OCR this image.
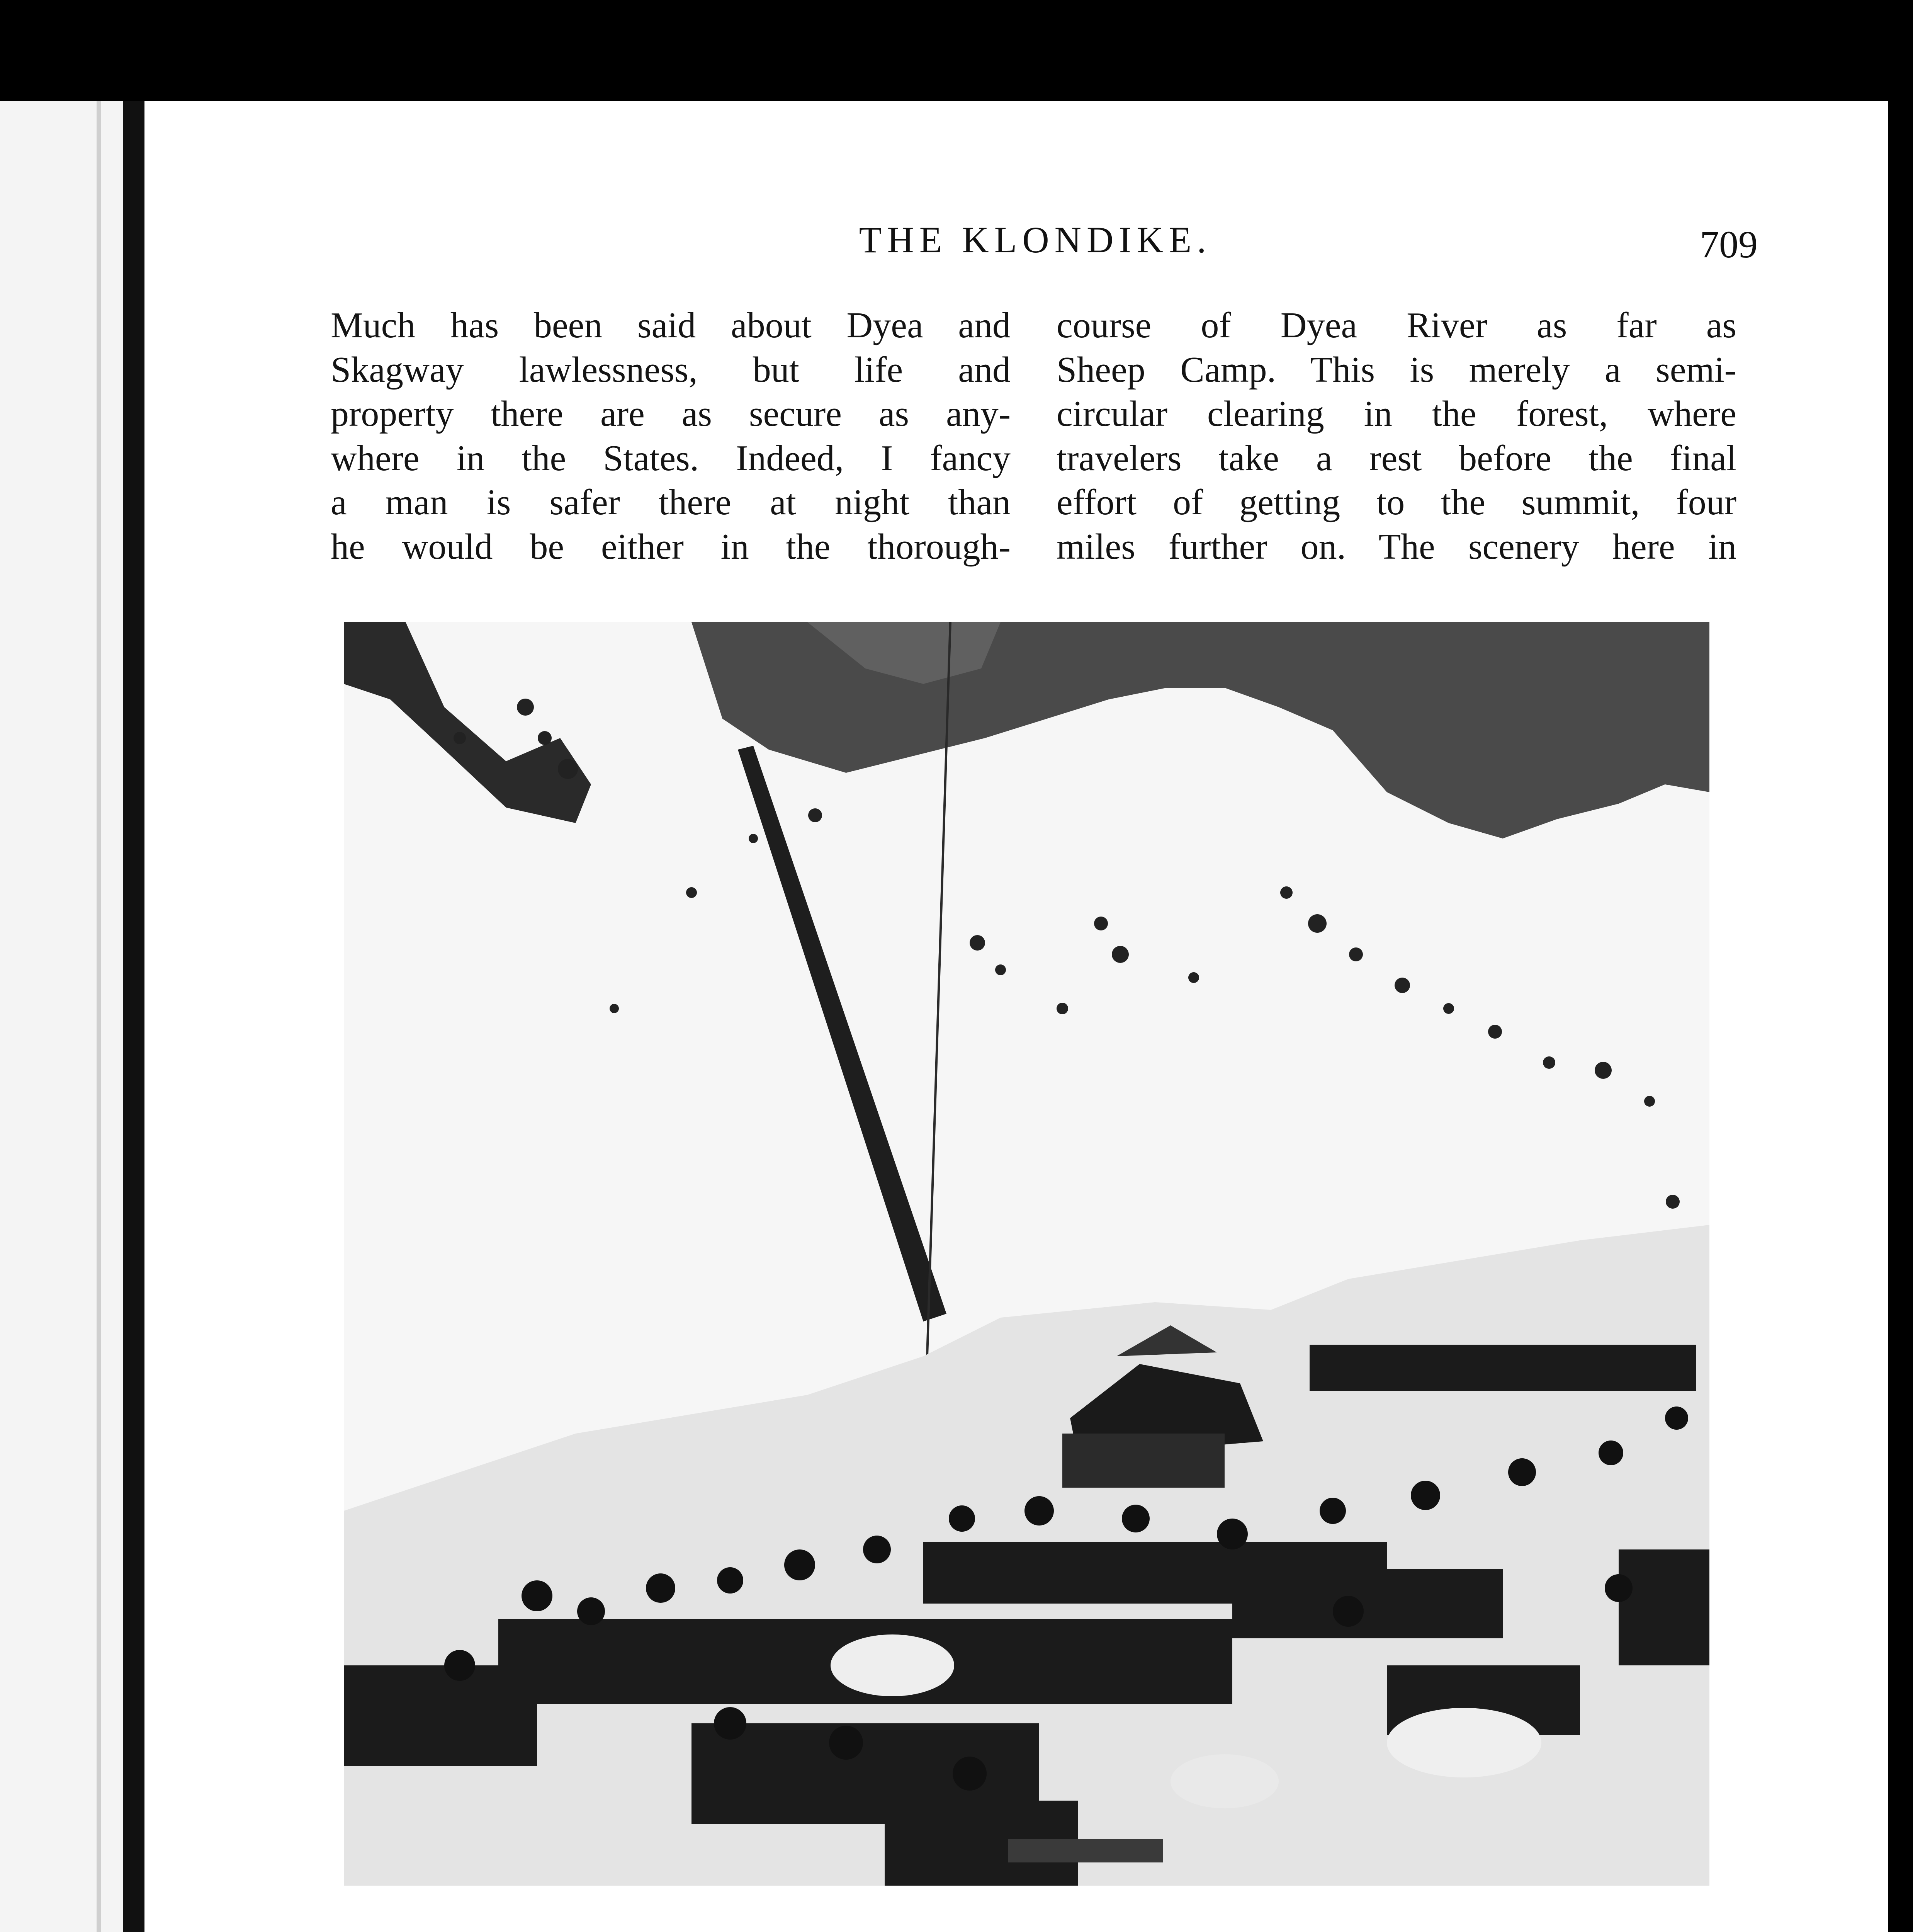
THE KLONDIKE.	709
Much has been said about Dyea and
Skagway lawlessness, but life and
property there are as secure as any-
where in the States. Indeed, I fancy
a man is safer there at night than
he would be either in the thorough-
course of Dyea River as far as
Sheep Camp. This is merely a semi-
circular clearing in the forest, where
travelers take a rest before the final
effort of getting to the summit, four
miles further on. The scenery here in
